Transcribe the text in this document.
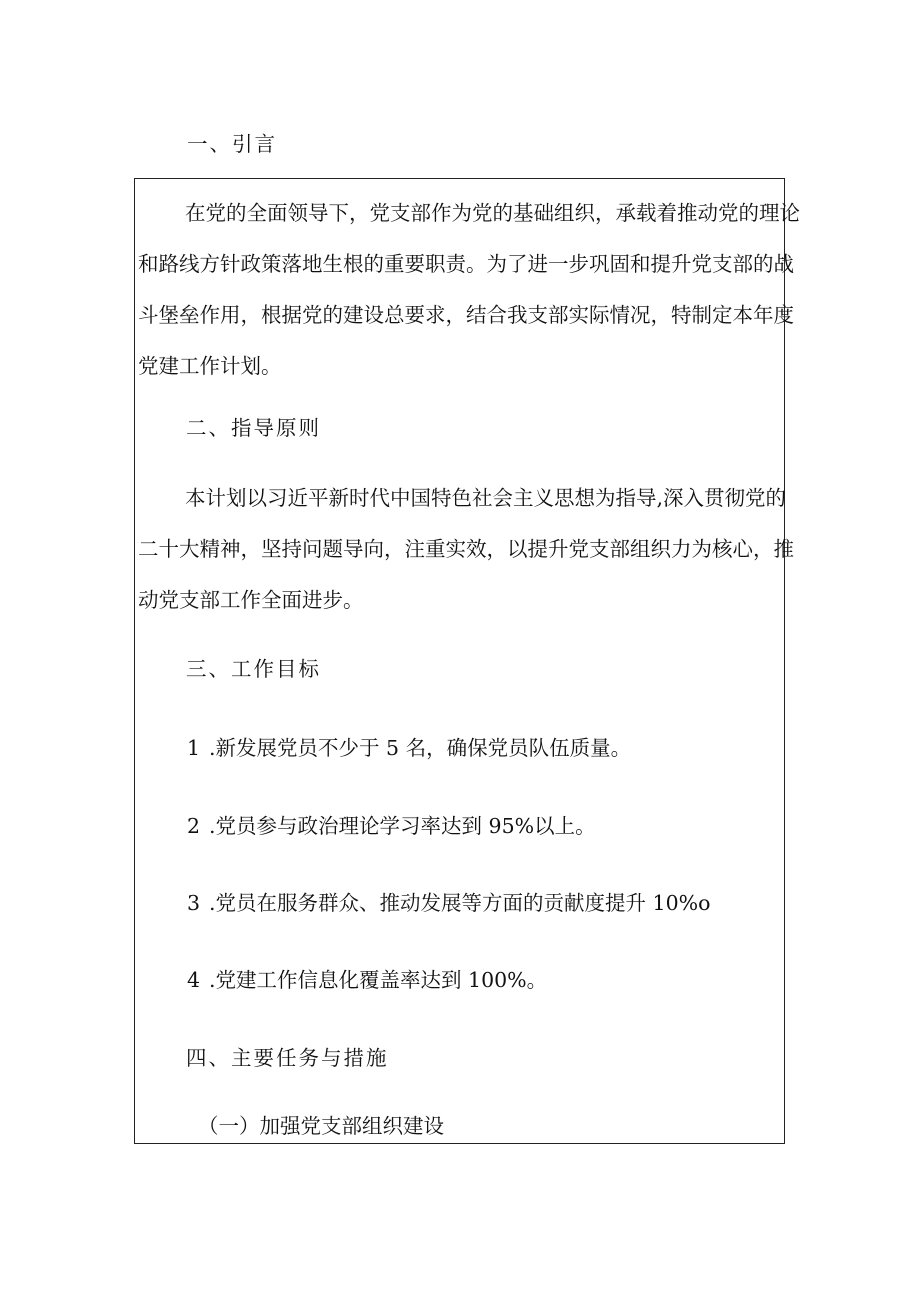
一、引言
在党的全面领导下，党支部作为党的基础组织，承载着推动党的理论
和路线方针政策落地生根的重要职责。为了进一步巩固和提升党支部的战
斗堡垒作用，根据党的建设总要求，结合我支部实际情况，特制定本年度
党建工作计划。
二、指导原则
本计划以习近平新时代中国特色社会主义思想为指导,深入贯彻党的
二十大精神，坚持问题导向，注重实效，以提升党支部组织力为核心，推
动党支部工作全面进步。
三、工作目标
1 .新发展党员不少于 5 名，确保党员队伍质量。
2 .党员参与政治理论学习率达到 95%以上。
3 .党员在服务群众、推动发展等方面的贡献度提升 10%o
4 .党建工作信息化覆盖率达到 100%。
四、主要任务与措施
（一）加强党支部组织建设
